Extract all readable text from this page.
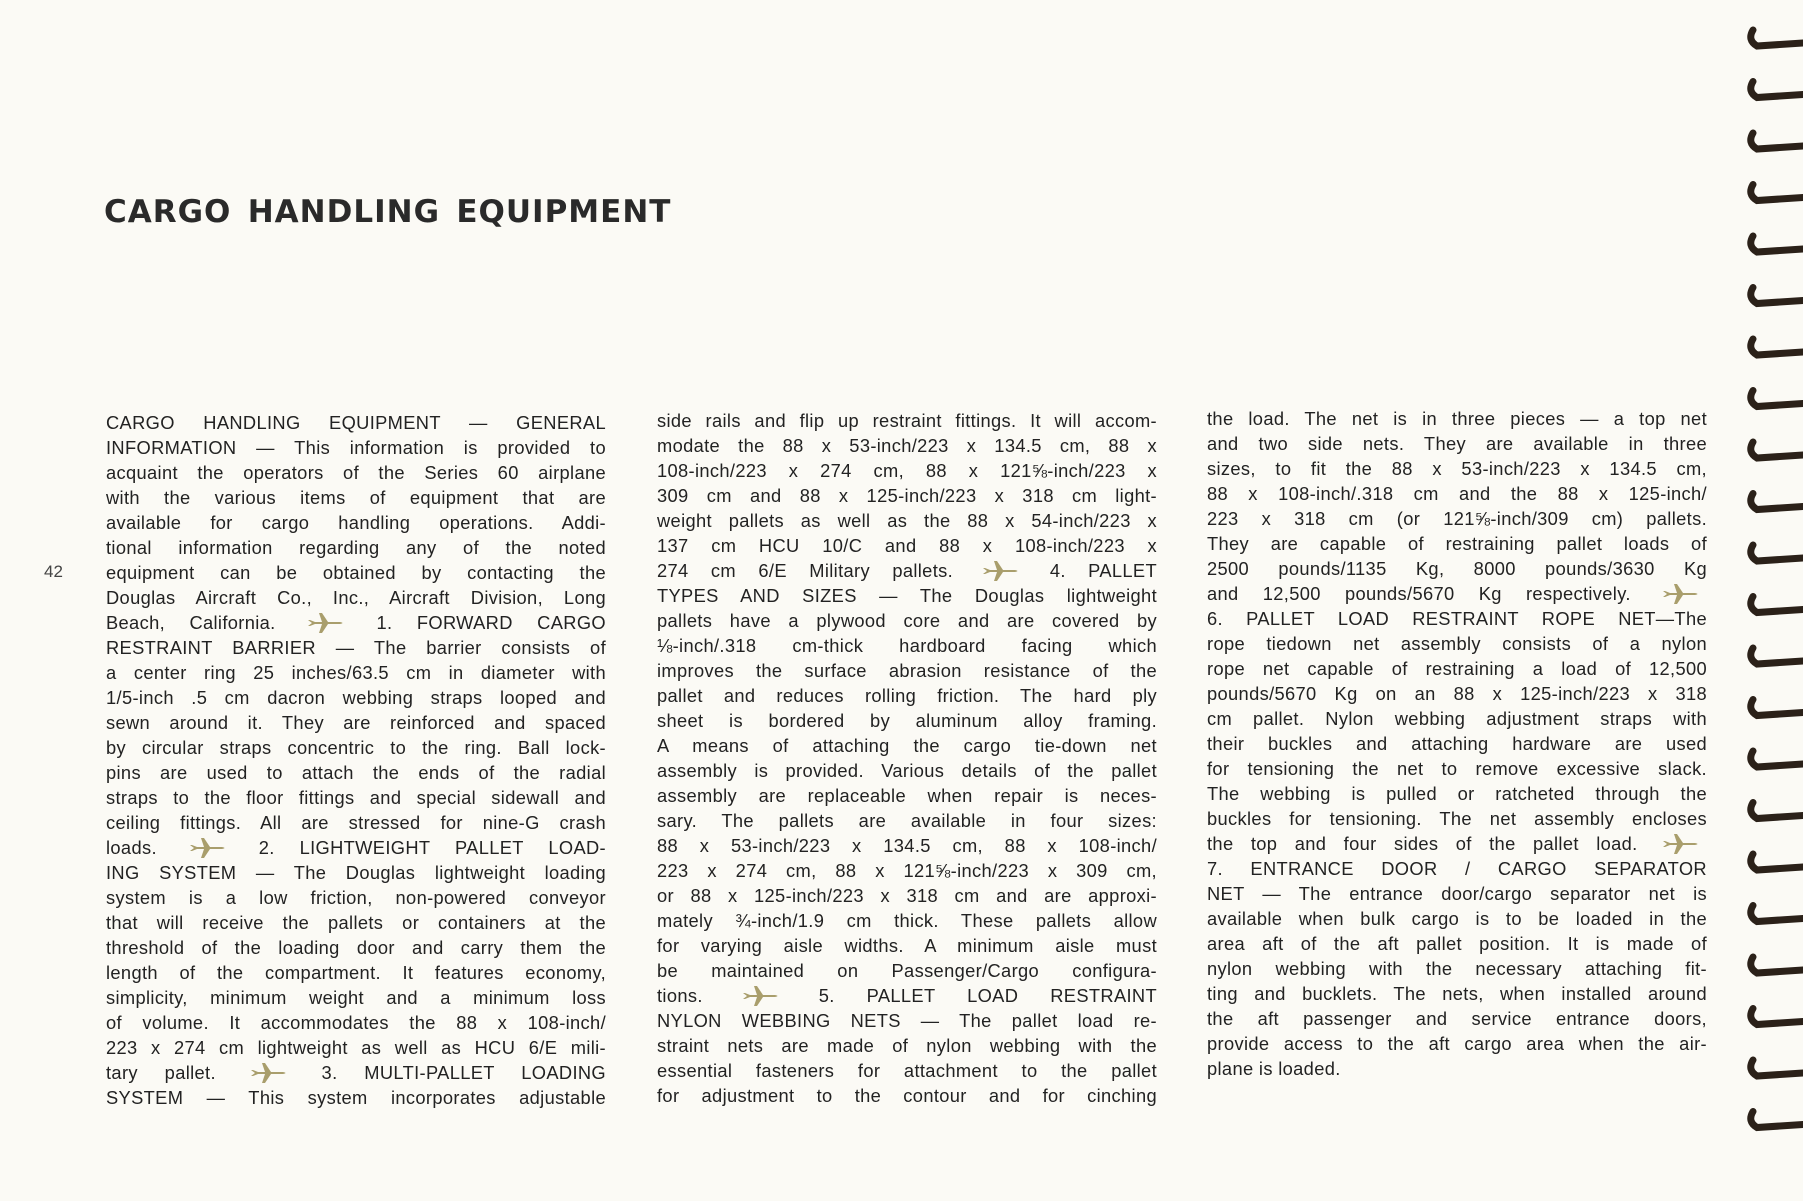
cargo handling equipment
42
CARGO HANDLING EQUIPMENT — GENERAL
INFORMATION — This information is provided to
acquaint the operators of the Series 60 airplane
with the various items of equipment that are
available for cargo handling operations. Addi-
tional information regarding any of the noted
equipment can be obtained by contacting the
Douglas Aircraft Co., Inc., Aircraft Division, Long
Beach, California.	1. FORWARD CARGO
RESTRAINT BARRIER — The barrier consists of
a center ring 25 inches/63.5 cm in diameter with
1/5-inch .5 cm dacron webbing straps looped and
sewn around it. They are reinforced and spaced
by circular straps concentric to the ring. Ball lock-
pins are used to attach the ends of the radial
straps to the floor fittings and special sidewall and
ceiling fittings. All are stressed for nine-G crash
loads.	2. LIGHTWEIGHT PALLET LOAD-
ING SYSTEM — The Douglas lightweight loading
system is a low friction, non-powered conveyor
that will receive the pallets or containers at the
threshold of the loading door and carry them the
length of the compartment. It features economy,
simplicity, minimum weight and a minimum loss
of volume. It accommodates the 88 x 108-inch/
223 x 274 cm lightweight as well as HCU 6/E mili-
tary pallet.	3. MULTI-PALLET LOADING
SYSTEM — This system incorporates adjustable
side rails and flip up restraint fittings. It will accom-
modate the 88 x 53-inch/223 x 134.5 cm, 88 x
108-inch/223 x 274 cm, 88 x 121⅝-inch/223 x
309 cm and 88 x 125-inch/223 x 318 cm light-
weight pallets as well as the 88 x 54-inch/223 x
137 cm HCU 10/C and 88 x 108-inch/223 x
274 cm 6/E Military pallets.	4. PALLET
TYPES AND SIZES — The Douglas lightweight
pallets have a plywood core and are covered by
⅛-inch/.318 cm-thick hardboard facing which
improves the surface abrasion resistance of the
pallet and reduces rolling friction. The hard ply
sheet is bordered by aluminum alloy framing.
A means of attaching the cargo tie-down net
assembly is provided. Various details of the pallet
assembly are replaceable when repair is neces-
sary. The pallets are available in four sizes:
88 x 53-inch/223 x 134.5 cm, 88 x 108-inch/
223 x 274 cm, 88 x 121⅝-inch/223 x 309 cm,
or 88 x 125-inch/223 x 318 cm and are approxi-
mately ¾-inch/1.9 cm thick. These pallets allow
for varying aisle widths. A minimum aisle must
be maintained on Passenger/Cargo configura-
tions.	5. PALLET LOAD RESTRAINT
NYLON WEBBING NETS — The pallet load re-
straint nets are made of nylon webbing with the
essential fasteners for attachment to the pallet
for adjustment to the contour and for cinching
the load. The net is in three pieces — a top net
and two side nets. They are available in three
sizes, to fit the 88 x 53-inch/223 x 134.5 cm,
88 x 108-inch/.318 cm and the 88 x 125-inch/
223 x 318 cm (or 121⅝-inch/309 cm) pallets.
They are capable of restraining pallet loads of
2500 pounds/1135 Kg, 8000 pounds/3630 Kg
and 12,500 pounds/5670 Kg respectively.
6. PALLET LOAD RESTRAINT ROPE NET—The
rope tiedown net assembly consists of a nylon
rope net capable of restraining a load of 12,500
pounds/5670 Kg on an 88 x 125-inch/223 x 318
cm pallet. Nylon webbing adjustment straps with
their buckles and attaching hardware are used
for tensioning the net to remove excessive slack.
The webbing is pulled or ratcheted through the
buckles for tensioning. The net assembly encloses
the top and four sides of the pallet load.
7. ENTRANCE DOOR / CARGO SEPARATOR
NET — The entrance door/cargo separator net is
available when bulk cargo is to be loaded in the
area aft of the aft pallet position. It is made of
nylon webbing with the necessary attaching fit-
ting and bucklets. The nets, when installed around
the aft passenger and service entrance doors,
provide access to the aft cargo area when the air-
plane is loaded.
